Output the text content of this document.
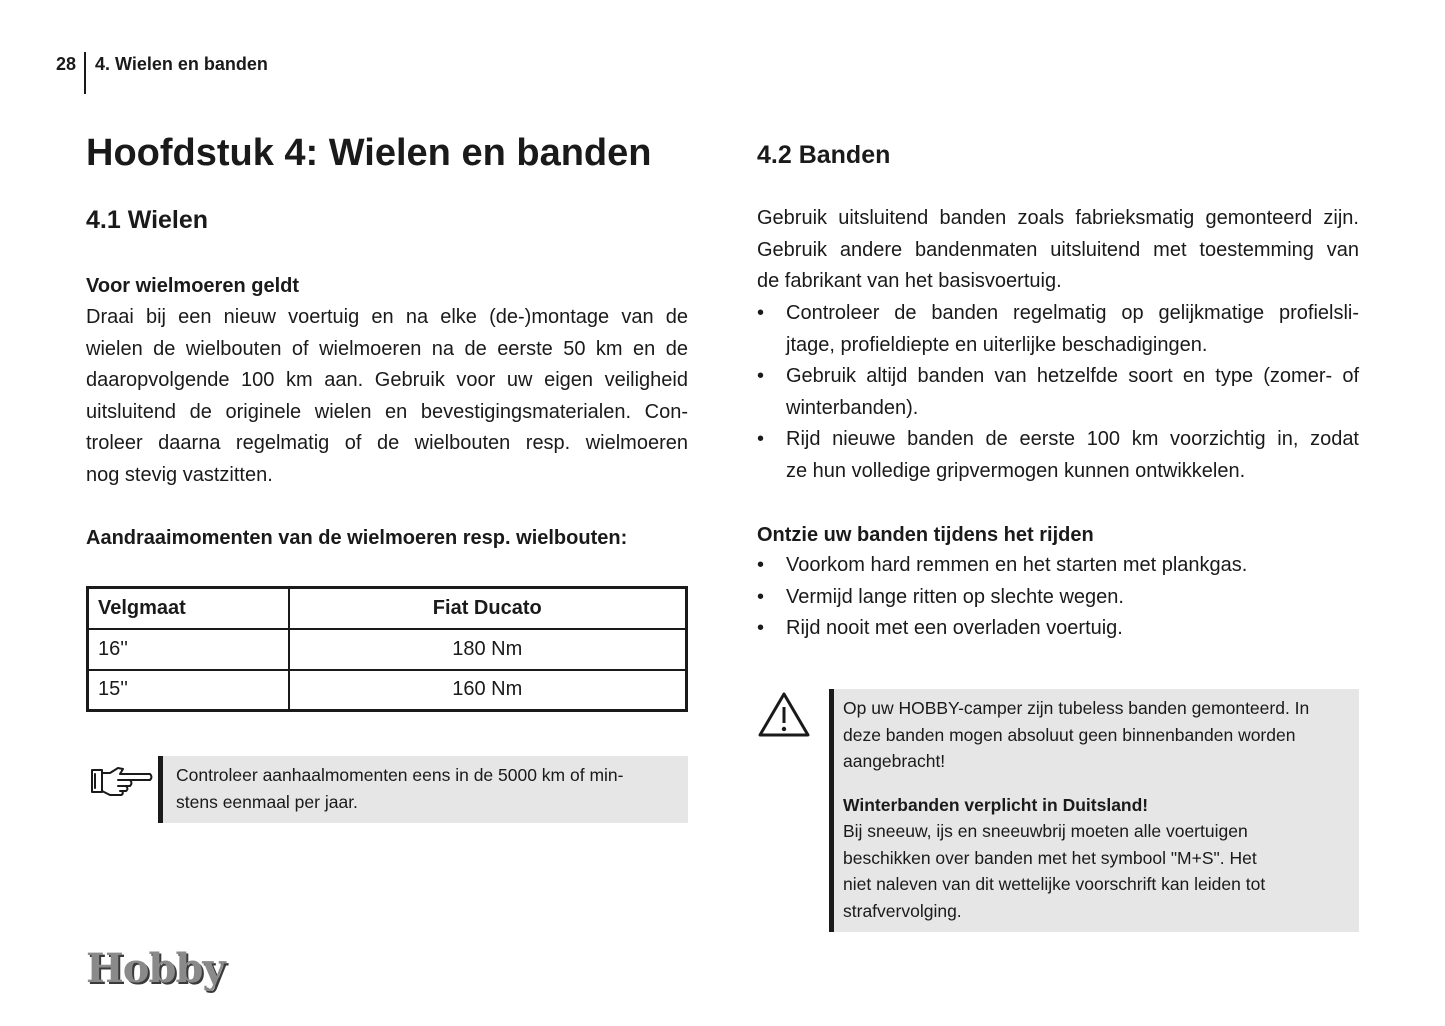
28	4. Wielen en banden
Hoofdstuk 4: Wielen en banden
4.1 Wielen
Voor wielmoeren geldt
Draai bij een nieuw voertuig en na elke (de-)montage van de
wielen de wielbouten of wielmoeren na de eerste 50 km en de
daaropvolgende 100 km aan. Gebruik voor uw eigen veiligheid
uitsluitend de originele wielen en bevestigingsmaterialen. Con-
troleer daarna regelmatig of de wielbouten resp. wielmoeren
nog stevig vastzitten.
Aandraaimomenten van de wielmoeren resp. wielbouten:
Velgmaat	Fiat Ducato
16''	180 Nm
15''	160 Nm
Controleer aanhaalmomenten eens in de 5000 km of min-
stens eenmaal per jaar.
Hobby
4.2 Banden
Gebruik uitsluitend banden zoals fabrieksmatig gemonteerd zijn.
Gebruik andere bandenmaten uitsluitend met toestemming van
de fabrikant van het basisvoertuig.
• Controleer de banden regelmatig op gelijkmatige profielsli-
jtage, profieldiepte en uiterlijke beschadigingen.
• Gebruik altijd banden van hetzelfde soort en type (zomer- of
winterbanden).
• Rijd nieuwe banden de eerste 100 km voorzichtig in, zodat
ze hun volledige gripvermogen kunnen ontwikkelen.
Ontzie uw banden tijdens het rijden
• Voorkom hard remmen en het starten met plankgas.
• Vermijd lange ritten op slechte wegen.
• Rijd nooit met een overladen voertuig.
Op uw HOBBY-camper zijn tubeless banden gemonteerd. In
deze banden mogen absoluut geen binnenbanden worden
aangebracht!
Winterbanden verplicht in Duitsland!
Bij sneeuw, ijs en sneeuwbrij moeten alle voertuigen
beschikken over banden met het symbool "M+S". Het
niet naleven van dit wettelijke voorschrift kan leiden tot
strafvervolging.
